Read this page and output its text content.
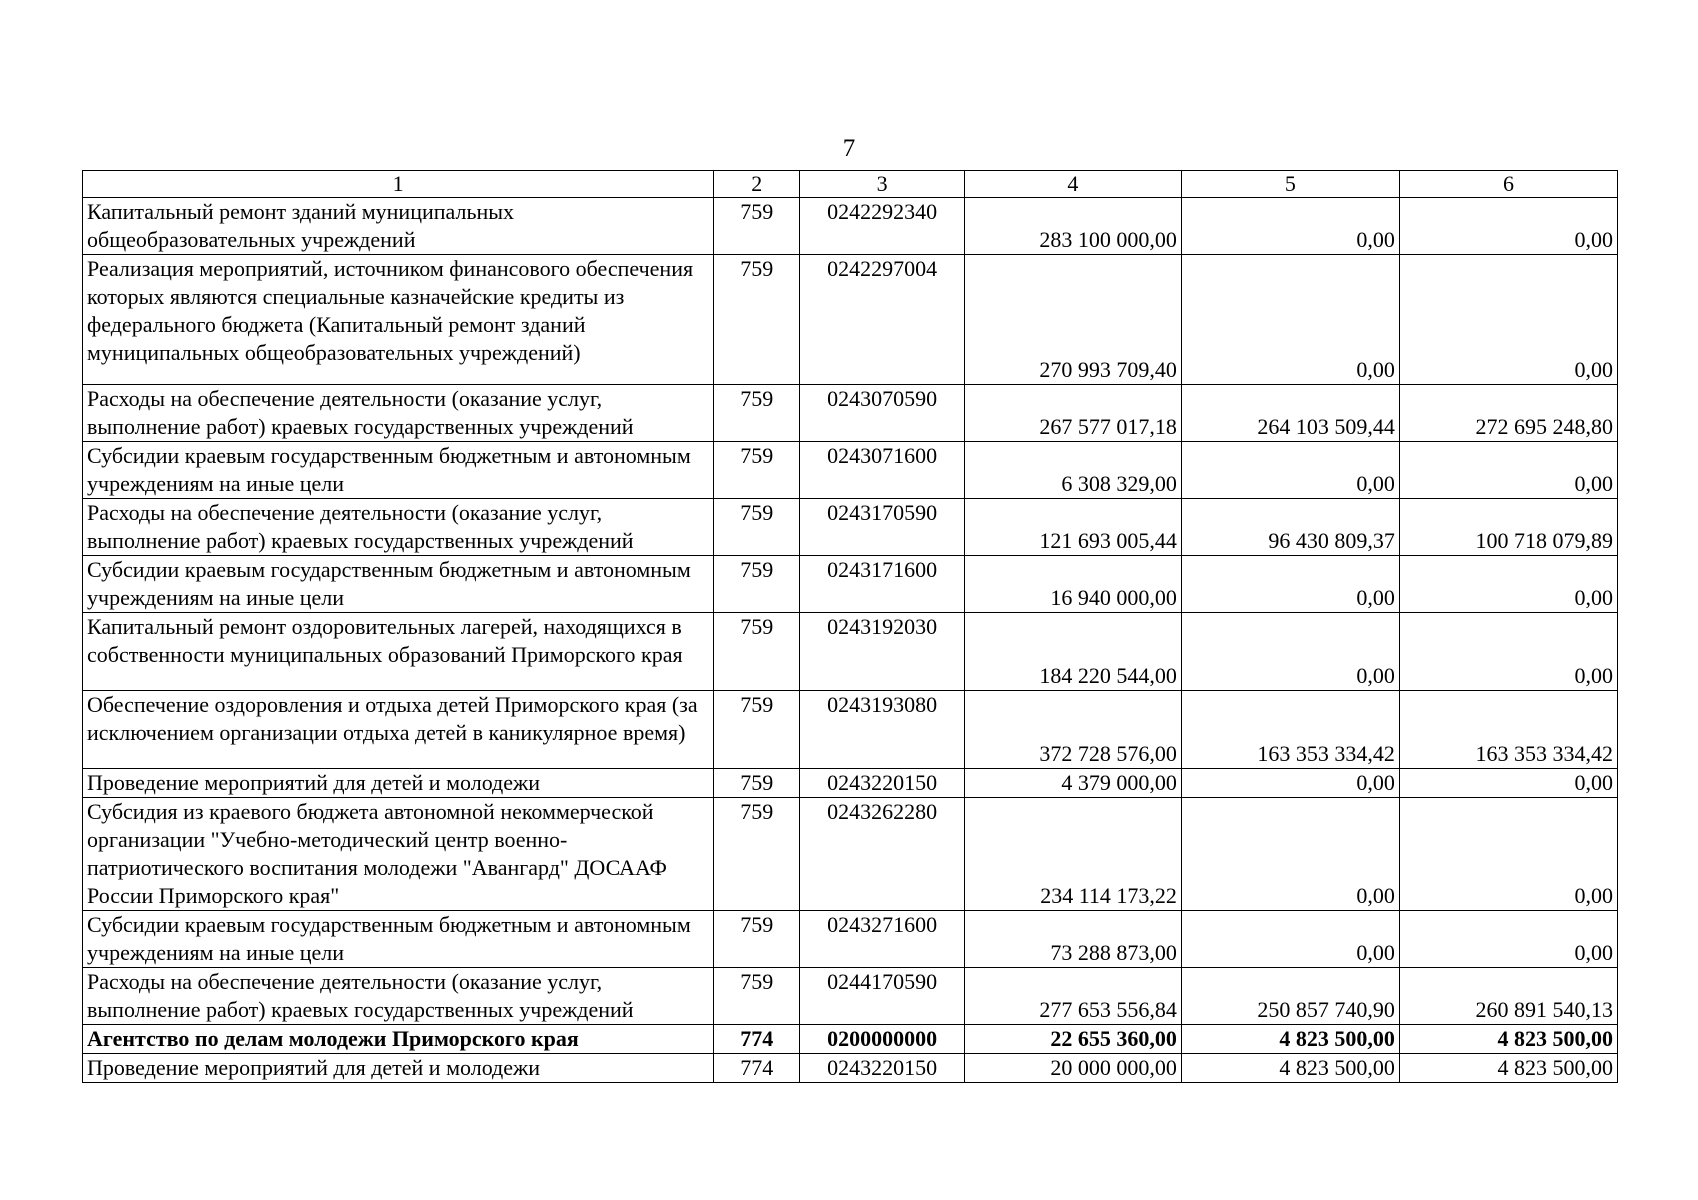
7
1	2	3	4	5	6
Капитальный ремонт зданий муниципальных общеобразовательных учреждений	759	0242292340	283 100 000,00	0,00	0,00
Реализация мероприятий, источником финансового обеспечения которых являются специальные казначейские кредиты из федерального бюджета (Капитальный ремонт зданий муниципальных общеобразовательных учреждений)	759	0242297004	270 993 709,40	0,00	0,00
Расходы на обеспечение деятельности (оказание услуг, выполнение работ) краевых государственных учреждений	759	0243070590	267 577 017,18	264 103 509,44	272 695 248,80
Субсидии краевым государственным бюджетным и автономным учреждениям на иные цели	759	0243071600	6 308 329,00	0,00	0,00
Расходы на обеспечение деятельности (оказание услуг, выполнение работ) краевых государственных учреждений	759	0243170590	121 693 005,44	96 430 809,37	100 718 079,89
Субсидии краевым государственным бюджетным и автономным учреждениям на иные цели	759	0243171600	16 940 000,00	0,00	0,00
Капитальный ремонт оздоровительных лагерей, находящихся в собственности муниципальных образований Приморского края	759	0243192030	184 220 544,00	0,00	0,00
Обеспечение оздоровления и отдыха детей Приморского края (за исключением организации отдыха детей в каникулярное время)	759	0243193080	372 728 576,00	163 353 334,42	163 353 334,42
Проведение мероприятий для детей и молодежи	759	0243220150	4 379 000,00	0,00	0,00
Субсидия из краевого бюджета автономной некоммерческой организации "Учебно-методический центр военно-патриотического воспитания молодежи "Авангард" ДОСААФ России Приморского края"	759	0243262280	234 114 173,22	0,00	0,00
Субсидии краевым государственным бюджетным и автономным учреждениям на иные цели	759	0243271600	73 288 873,00	0,00	0,00
Расходы на обеспечение деятельности (оказание услуг, выполнение работ) краевых государственных учреждений	759	0244170590	277 653 556,84	250 857 740,90	260 891 540,13
Агентство по делам молодежи Приморского края	774	0200000000	22 655 360,00	4 823 500,00	4 823 500,00
Проведение мероприятий для детей и молодежи	774	0243220150	20 000 000,00	4 823 500,00	4 823 500,00
